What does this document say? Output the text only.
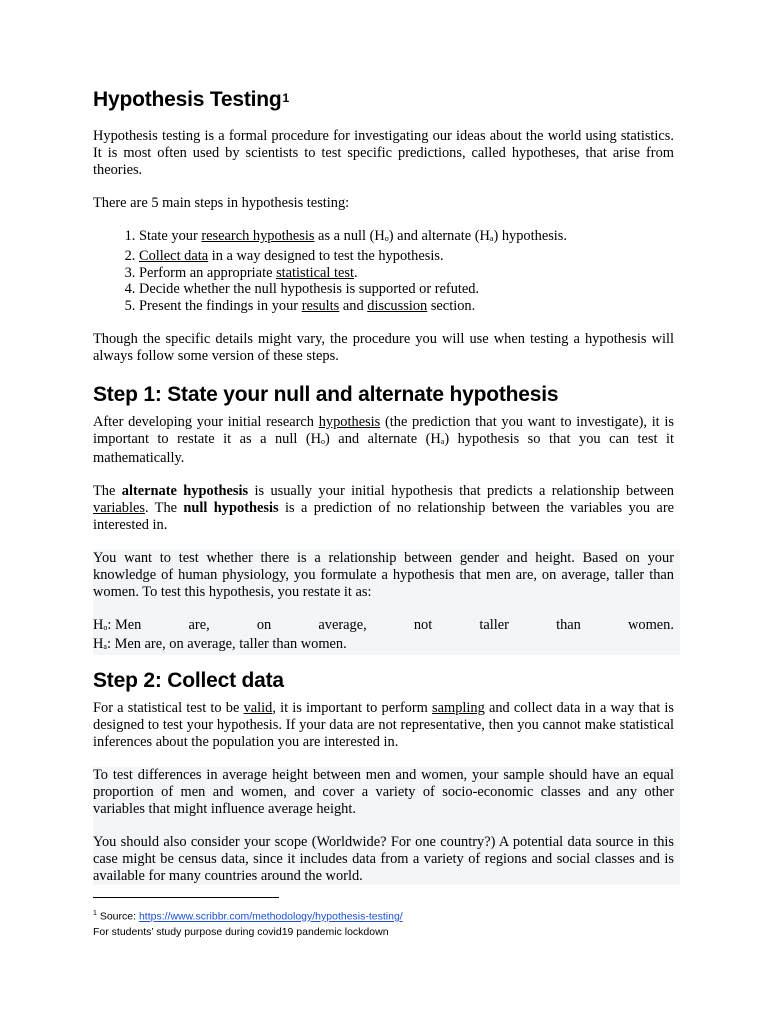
Hypothesis Testing$^1$

Hypothesis testing is a formal procedure for investigating our ideas about the world using statistics. It is most often used by scientists to test specific predictions, called hypotheses, that arise from theories.

There are 5 main steps in hypothesis testing:

1. State your research hypothesis as a null (Ho) and alternate (Ha) hypothesis.
2. Collect data in a way designed to test the hypothesis.
3. Perform an appropriate statistical test.
4. Decide whether the null hypothesis is supported or refuted.
5. Present the findings in your results and discussion section.

Though the specific details might vary, the procedure you will use when testing a hypothesis will always follow some version of these steps.

Step 1: State your null and alternate hypothesis

After developing your initial research hypothesis (the prediction that you want to investigate), it is important to restate it as a null (Ho) and alternate (Ha) hypothesis so that you can test it mathematically.

The alternate hypothesis is usually your initial hypothesis that predicts a relationship between variables. The null hypothesis is a prediction of no relationship between the variables you are interested in.

You want to test whether there is a relationship between gender and height. Based on your knowledge of human physiology, you formulate a hypothesis that men are, on average, taller than women. To test this hypothesis, you restate it as:

Ho: Men	are,	on	average,	not	taller	than	women.
Ha: Men are, on average, taller than women.
Step 2: Collect data

For a statistical test to be valid, it is important to perform sampling and collect data in a way that is designed to test your hypothesis. If your data are not representative, then you cannot make statistical inferences about the population you are interested in.

To test differences in average height between men and women, your sample should have an equal proportion of men and women, and cover a variety of socio-economic classes and any other variables that might influence average height.

You should also consider your scope (Worldwide? For one country?) A potential data source in this case might be census data, since it includes data from a variety of regions and social classes and is available for many countries around the world.

$^1$ Source: https://www.scribbr.com/methodology/hypothesis-testing/
For students’ study purpose during covid19 pandemic lockdown
